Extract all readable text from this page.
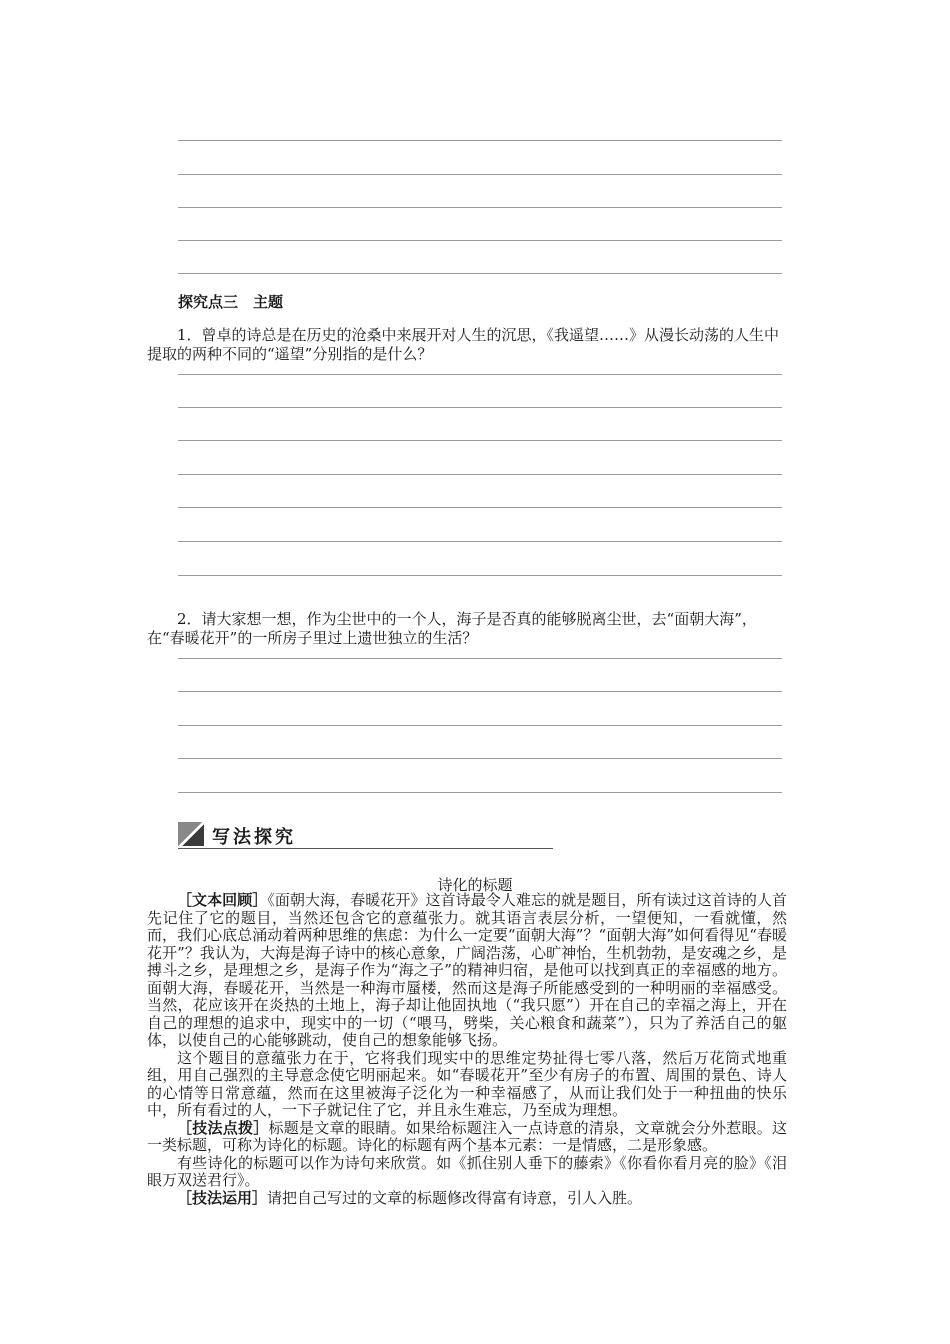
探究点三　主题

1．曾卓的诗总是在历史的沧桑中来展开对人生的沉思，《我遥望……》从漫长动荡的人生中提取的两种不同的“遥望”分别指的是什么？

2．请大家想一想，作为尘世中的一个人，海子是否真的能够脱离尘世，去“面朝大海”，在“春暖花开”的一所房子里过上遗世独立的生活？

写法探究
诗化的标题

［文本回顾］《面朝大海，春暖花开》这首诗最令人难忘的就是题目，所有读过这首诗的人首先记住了它的题目，当然还包含它的意蕴张力。就其语言表层分析，一望便知，一看就懂，然而，我们心底总涌动着两种思维的焦虑：为什么一定要“面朝大海”？“面朝大海”如何看得见“春暖花开”？我认为，大海是海子诗中的核心意象，广阔浩荡，心旷神怡，生机勃勃，是安魂之乡，是搏斗之乡，是理想之乡，是海子作为“海之子”的精神归宿，是他可以找到真正的幸福感的地方。面朝大海，春暖花开，当然是一种海市蜃楼，然而这是海子所能感受到的一种明丽的幸福感受。当然，花应该开在炎热的土地上，海子却让他固执地（“我只愿”）开在自己的幸福之海上，开在自己的理想的追求中，现实中的一切（“喂马，劈柴，关心粮食和蔬菜”），只为了养活自己的躯体，以使自己的心能够跳动，使自己的想象能够飞扬。

这个题目的意蕴张力在于，它将我们现实中的思维定势扯得七零八落，然后万花筒式地重组，用自己强烈的主导意念使它明丽起来。如“春暖花开”至少有房子的布置、周围的景色、诗人的心情等日常意蕴，然而在这里被海子泛化为一种幸福感了，从而让我们处于一种扭曲的快乐中，所有看过的人，一下子就记住了它，并且永生难忘，乃至成为理想。

［技法点拨］标题是文章的眼睛。如果给标题注入一点诗意的清泉，文章就会分外惹眼。这一类标题，可称为诗化的标题。诗化的标题有两个基本元素：一是情感，二是形象感。

有些诗化的标题可以作为诗句来欣赏。如《抓住别人垂下的藤索》《你看你看月亮的脸》《泪眼万双送君行》。

［技法运用］请把自己写过的文章的标题修改得富有诗意，引人入胜。
